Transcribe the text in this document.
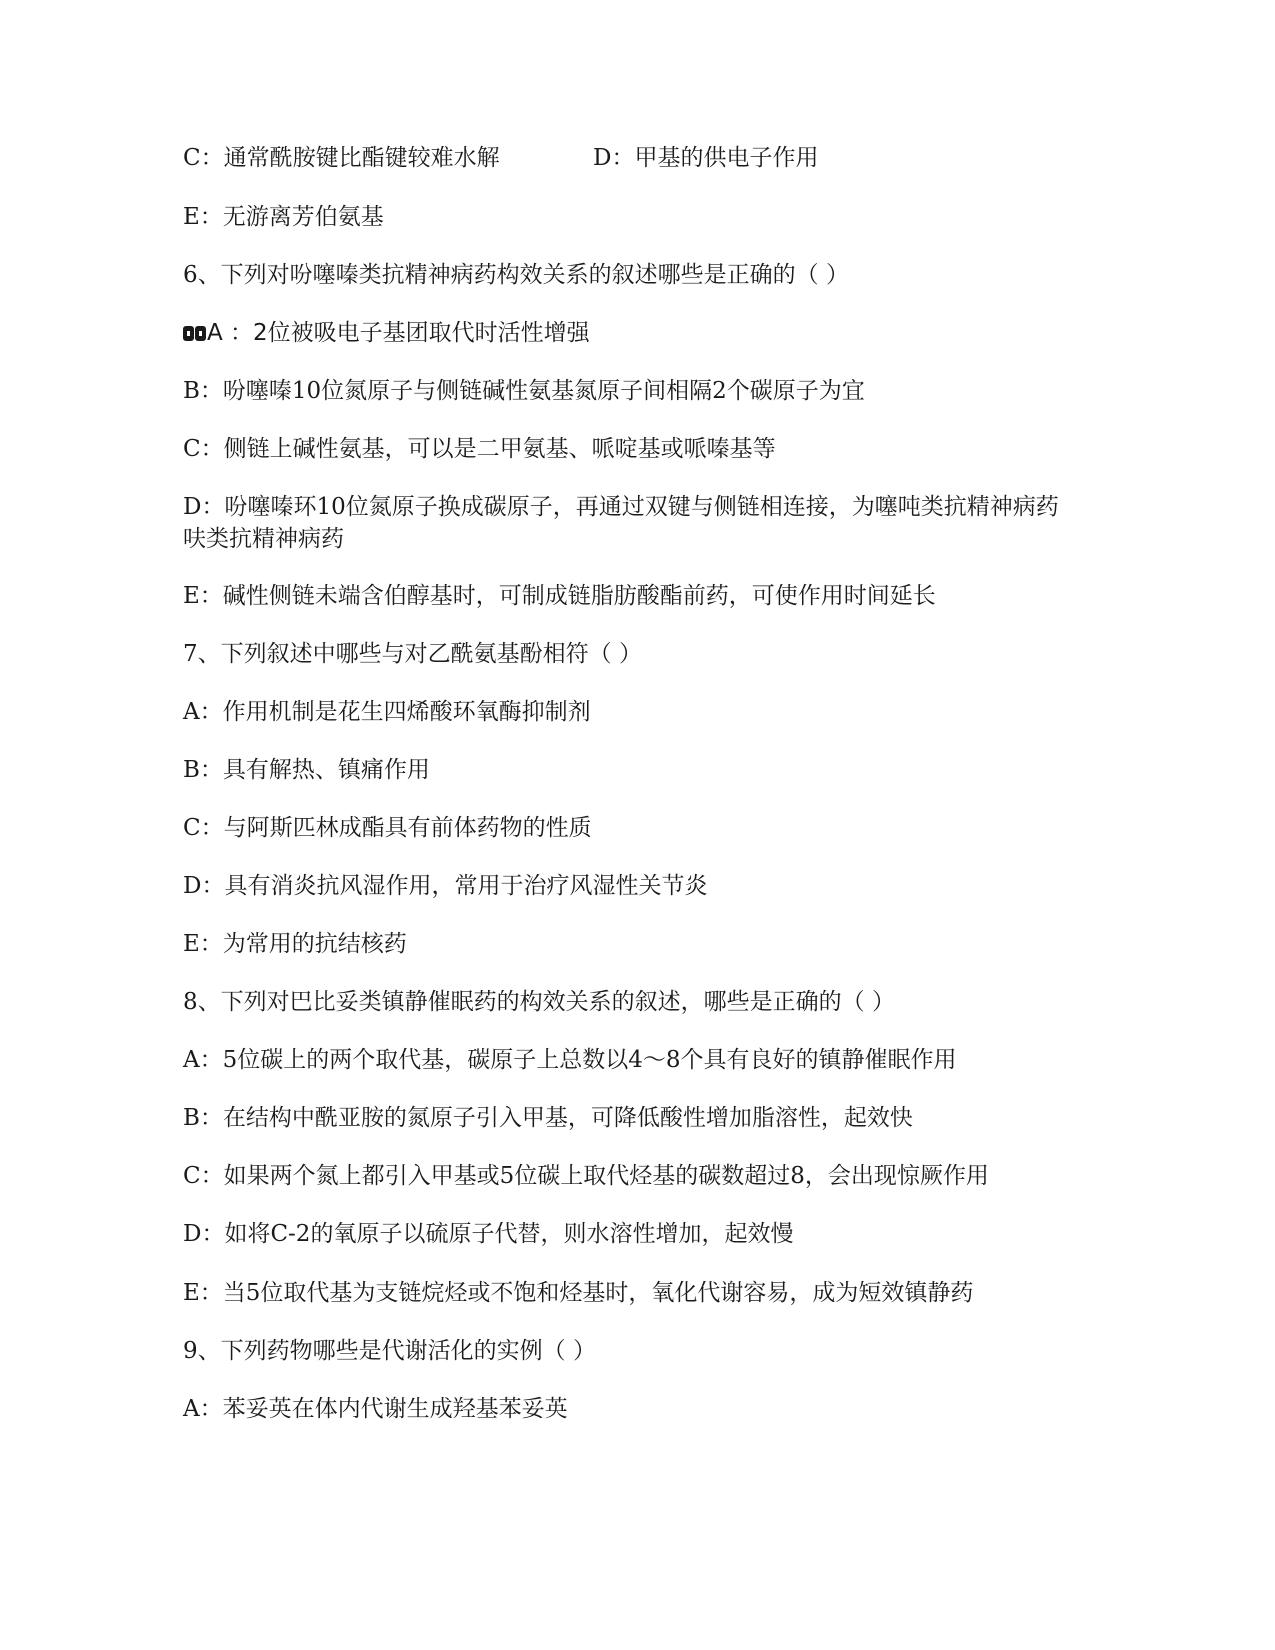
C：通常酰胺键比酯键较难水解	D：甲基的供电子作用
E：无游离芳伯氨基
6、下列对吩噻嗪类抗精神病药构效关系的叙述哪些是正确的（ ）
A ：2位被吸电子基团取代时活性增强
B：吩噻嗪10位氮原子与侧链碱性氨基氮原子间相隔2个碳原子为宜
C：侧链上碱性氨基，可以是二甲氨基、哌啶基或哌嗪基等
D：吩噻嗪环10位氮原子换成碳原子，再通过双键与侧链相连接，为噻吨类抗精神病药呋类抗精神病药
E：碱性侧链未端含伯醇基时，可制成链脂肪酸酯前药，可使作用时间延长
7、下列叙述中哪些与对乙酰氨基酚相符（ ）
A：作用机制是花生四烯酸环氧酶抑制剂
B：具有解热、镇痛作用
C：与阿斯匹林成酯具有前体药物的性质
D：具有消炎抗风湿作用，常用于治疗风湿性关节炎
E：为常用的抗结核药
8、下列对巴比妥类镇静催眠药的构效关系的叙述，哪些是正确的（ ）
A：5位碳上的两个取代基，碳原子上总数以4～8个具有良好的镇静催眠作用
B：在结构中酰亚胺的氮原子引入甲基，可降低酸性增加脂溶性，起效快
C：如果两个氮上都引入甲基或5位碳上取代烃基的碳数超过8，会出现惊厥作用
D：如将C-2的氧原子以硫原子代替，则水溶性增加，起效慢
E：当5位取代基为支链烷烃或不饱和烃基时，氧化代谢容易，成为短效镇静药
9、下列药物哪些是代谢活化的实例（ ）
A：苯妥英在体内代谢生成羟基苯妥英
